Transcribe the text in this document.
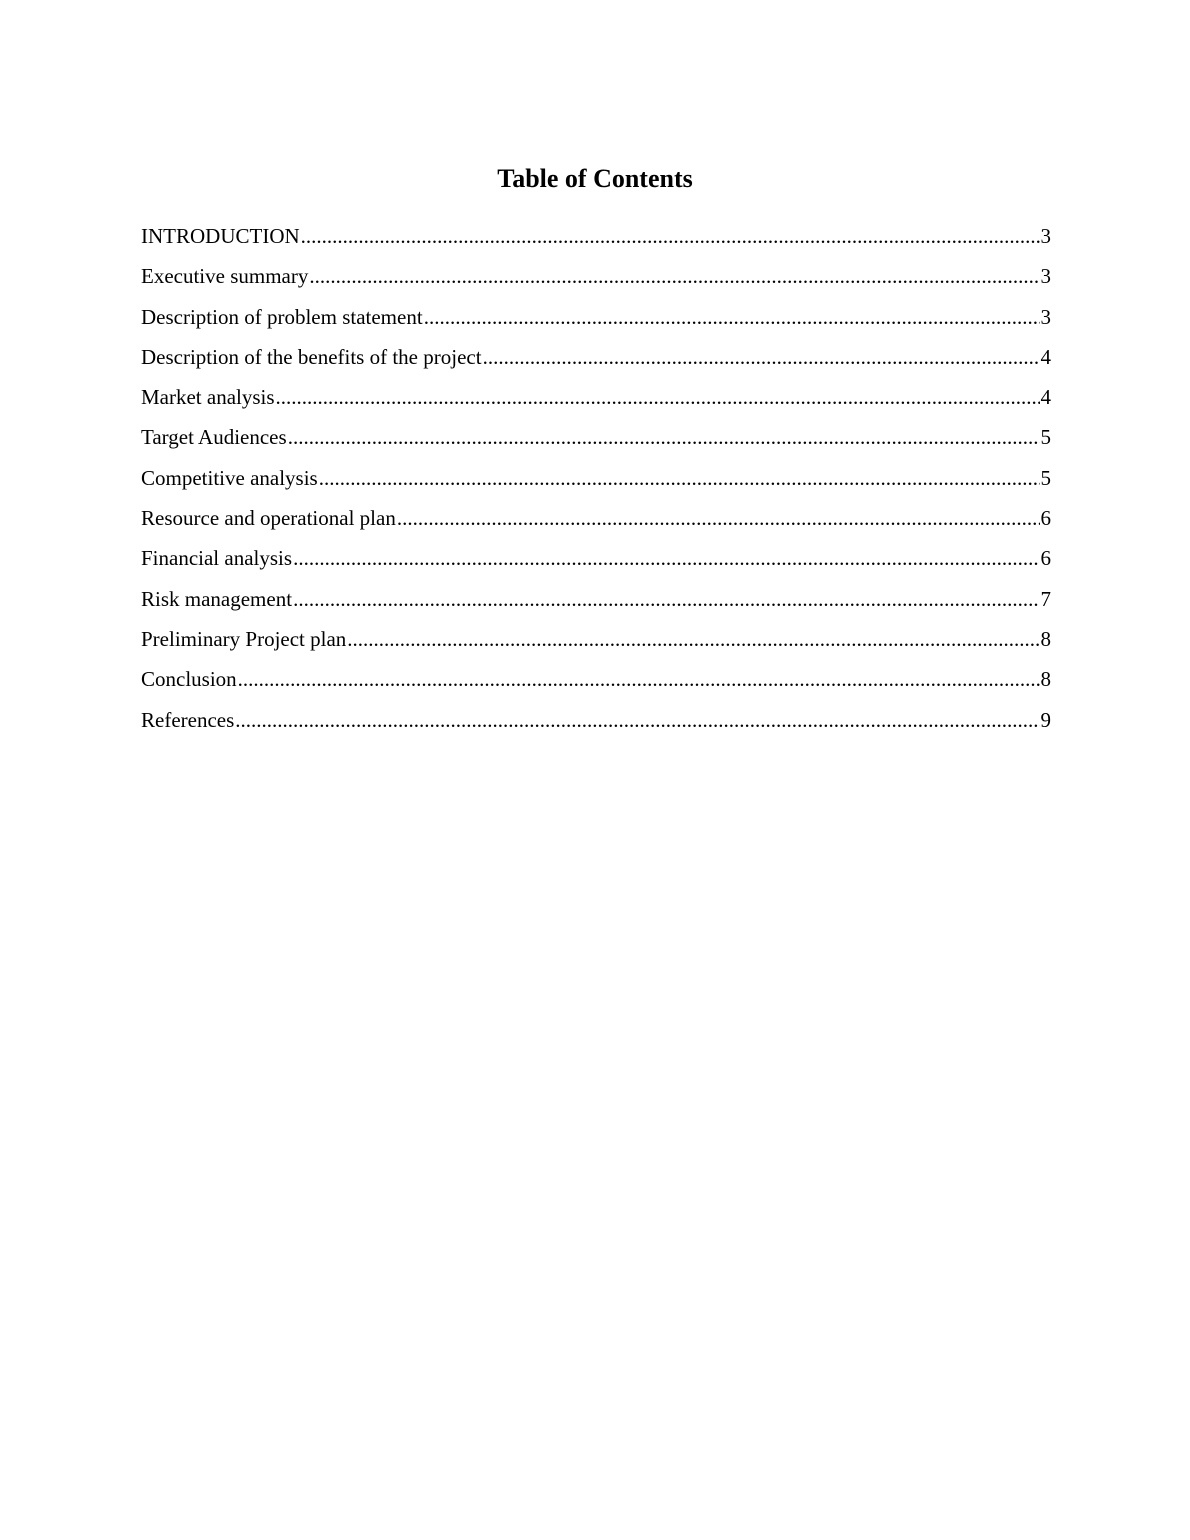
Table of Contents
INTRODUCTION .....	3
Executive summary .....	3
Description of problem statement .....	3
Description of the benefits of the project .....	4
Market analysis .....	4
Target Audiences .....	5
Competitive analysis .....	5
Resource and operational plan .....	6
Financial analysis .....	6
Risk management .....	7
Preliminary Project plan .....	8
Conclusion .....	8
References .....	9
